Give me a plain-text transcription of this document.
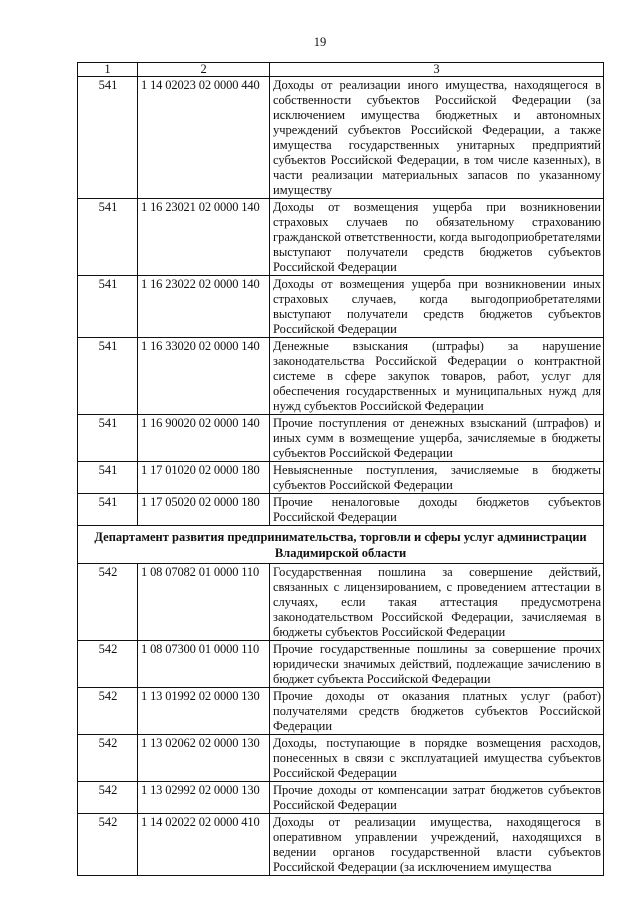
19
1	2	3
541	1 14 02023 02 0000 440	Доходы от реализации иного имущества, находящегося в собственности субъектов Российской Федерации (за исключением имущества бюджетных и автономных учреждений субъектов Российской Федерации, а также имущества государственных унитарных предприятий субъектов Российской Федерации, в том числе казенных), в части реализации материальных запасов по указанному имуществу
541	1 16 23021 02 0000 140	Доходы от возмещения ущерба при возникновении страховых случаев по обязательному страхованию гражданской ответственности, когда выгодоприобретателями выступают получатели средств бюджетов субъектов Российской Федерации
541	1 16 23022 02 0000 140	Доходы от возмещения ущерба при возникновении иных страховых случаев, когда выгодоприобретателями выступают получатели средств бюджетов субъектов Российской Федерации
541	1 16 33020 02 0000 140	Денежные взыскания (штрафы) за нарушение законодательства Российской Федерации о контрактной системе в сфере закупок товаров, работ, услуг для обеспечения государственных и муниципальных нужд для нужд субъектов Российской Федерации
541	1 16 90020 02 0000 140	Прочие поступления от денежных взысканий (штрафов) и иных сумм в возмещение ущерба, зачисляемые в бюджеты субъектов Российской Федерации
541	1 17 01020 02 0000 180	Невыясненные поступления, зачисляемые в бюджеты субъектов Российской Федерации
541	1 17 05020 02 0000 180	Прочие неналоговые доходы бюджетов субъектов Российской Федерации
Департамент развития предпринимательства, торговли и сферы услуг администрации Владимирской области		
542	1 08 07082 01 0000 110	Государственная пошлина за совершение действий, связанных с лицензированием, с проведением аттестации в случаях, если такая аттестация предусмотрена законодательством Российской Федерации, зачисляемая в бюджеты субъектов Российской Федерации
542	1 08 07300 01 0000 110	Прочие государственные пошлины за совершение прочих юридически значимых действий, подлежащие зачислению в бюджет субъекта Российской Федерации
542	1 13 01992 02 0000 130	Прочие доходы от оказания платных услуг (работ) получателями средств бюджетов субъектов Российской Федерации
542	1 13 02062 02 0000 130	Доходы, поступающие в порядке возмещения расходов, понесенных в связи с эксплуатацией имущества субъектов Российской Федерации
542	1 13 02992 02 0000 130	Прочие доходы от компенсации затрат бюджетов субъектов Российской Федерации
542	1 14 02022 02 0000 410	Доходы от реализации имущества, находящегося в оперативном управлении учреждений, находящихся в ведении органов государственной власти субъектов Российской Федерации (за исключением имущества
